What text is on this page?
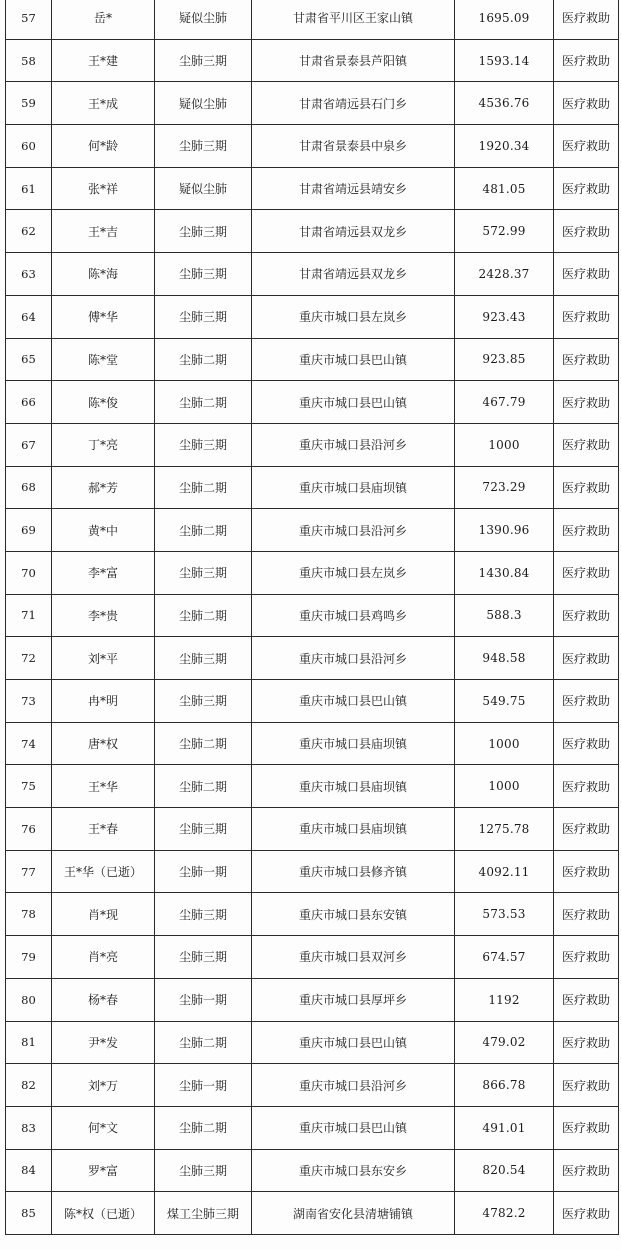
57	岳*	疑似尘肺	甘肃省平川区王家山镇	1695.09	医疗救助
58	王*建	尘肺三期	甘肃省景泰县芦阳镇	1593.14	医疗救助
59	王*成	疑似尘肺	甘肃省靖远县石门乡	4536.76	医疗救助
60	何*龄	尘肺三期	甘肃省景泰县中泉乡	1920.34	医疗救助
61	张*祥	疑似尘肺	甘肃省靖远县靖安乡	481.05	医疗救助
62	王*吉	尘肺三期	甘肃省靖远县双龙乡	572.99	医疗救助
63	陈*海	尘肺三期	甘肃省靖远县双龙乡	2428.37	医疗救助
64	傅*华	尘肺三期	重庆市城口县左岚乡	923.43	医疗救助
65	陈*堂	尘肺二期	重庆市城口县巴山镇	923.85	医疗救助
66	陈*俊	尘肺二期	重庆市城口县巴山镇	467.79	医疗救助
67	丁*亮	尘肺三期	重庆市城口县沿河乡	1000	医疗救助
68	郝*芳	尘肺二期	重庆市城口县庙坝镇	723.29	医疗救助
69	黄*中	尘肺二期	重庆市城口县沿河乡	1390.96	医疗救助
70	李*富	尘肺三期	重庆市城口县左岚乡	1430.84	医疗救助
71	李*贵	尘肺二期	重庆市城口县鸡鸣乡	588.3	医疗救助
72	刘*平	尘肺三期	重庆市城口县沿河乡	948.58	医疗救助
73	冉*明	尘肺三期	重庆市城口县巴山镇	549.75	医疗救助
74	唐*权	尘肺二期	重庆市城口县庙坝镇	1000	医疗救助
75	王*华	尘肺二期	重庆市城口县庙坝镇	1000	医疗救助
76	王*春	尘肺三期	重庆市城口县庙坝镇	1275.78	医疗救助
77	王*华（已逝）	尘肺一期	重庆市城口县修齐镇	4092.11	医疗救助
78	肖*现	尘肺三期	重庆市城口县东安镇	573.53	医疗救助
79	肖*亮	尘肺三期	重庆市城口县双河乡	674.57	医疗救助
80	杨*春	尘肺一期	重庆市城口县厚坪乡	1192	医疗救助
81	尹*发	尘肺二期	重庆市城口县巴山镇	479.02	医疗救助
82	刘*万	尘肺一期	重庆市城口县沿河乡	866.78	医疗救助
83	何*文	尘肺二期	重庆市城口县巴山镇	491.01	医疗救助
84	罗*富	尘肺三期	重庆市城口县东安乡	820.54	医疗救助
85	陈*权（已逝）	煤工尘肺三期	湖南省安化县清塘铺镇	4782.2	医疗救助
